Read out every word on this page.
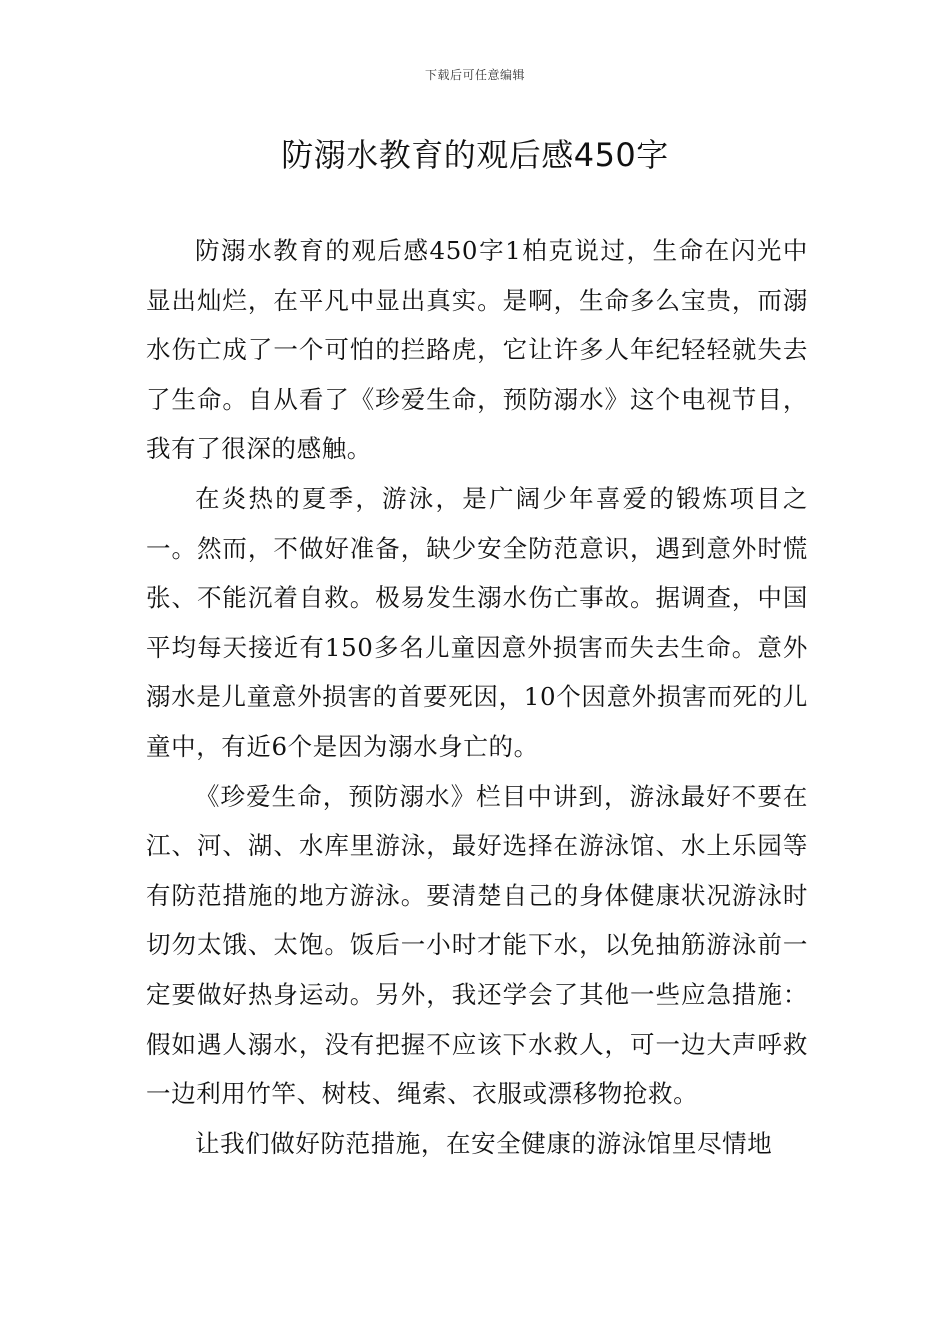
下载后可任意编辑
防溺水教育的观后感450字

防溺水教育的观后感450字1柏克说过，生命在闪光中显出灿烂，在平凡中显出真实。是啊，生命多么宝贵，而溺水伤亡成了一个可怕的拦路虎，它让许多人年纪轻轻就失去了生命。自从看了《珍爱生命，预防溺水》这个电视节目，我有了很深的感触。

在炎热的夏季，游泳，是广阔少年喜爱的锻炼项目之一。然而，不做好准备，缺少安全防范意识，遇到意外时慌张、不能沉着自救。极易发生溺水伤亡事故。据调查，中国平均每天接近有150多名儿童因意外损害而失去生命。意外溺水是儿童意外损害的首要死因，10个因意外损害而死的儿童中，有近6个是因为溺水身亡的。

《珍爱生命，预防溺水》栏目中讲到，游泳最好不要在江、河、湖、水库里游泳，最好选择在游泳馆、水上乐园等有防范措施的地方游泳。要清楚自己的身体健康状况游泳时切勿太饿、太饱。饭后一小时才能下水，以免抽筋游泳前一定要做好热身运动。另外，我还学会了其他一些应急措施：假如遇人溺水，没有把握不应该下水救人，可一边大声呼救一边利用竹竿、树枝、绳索、衣服或漂移物抢救。

让我们做好防范措施，在安全健康的游泳馆里尽情地
